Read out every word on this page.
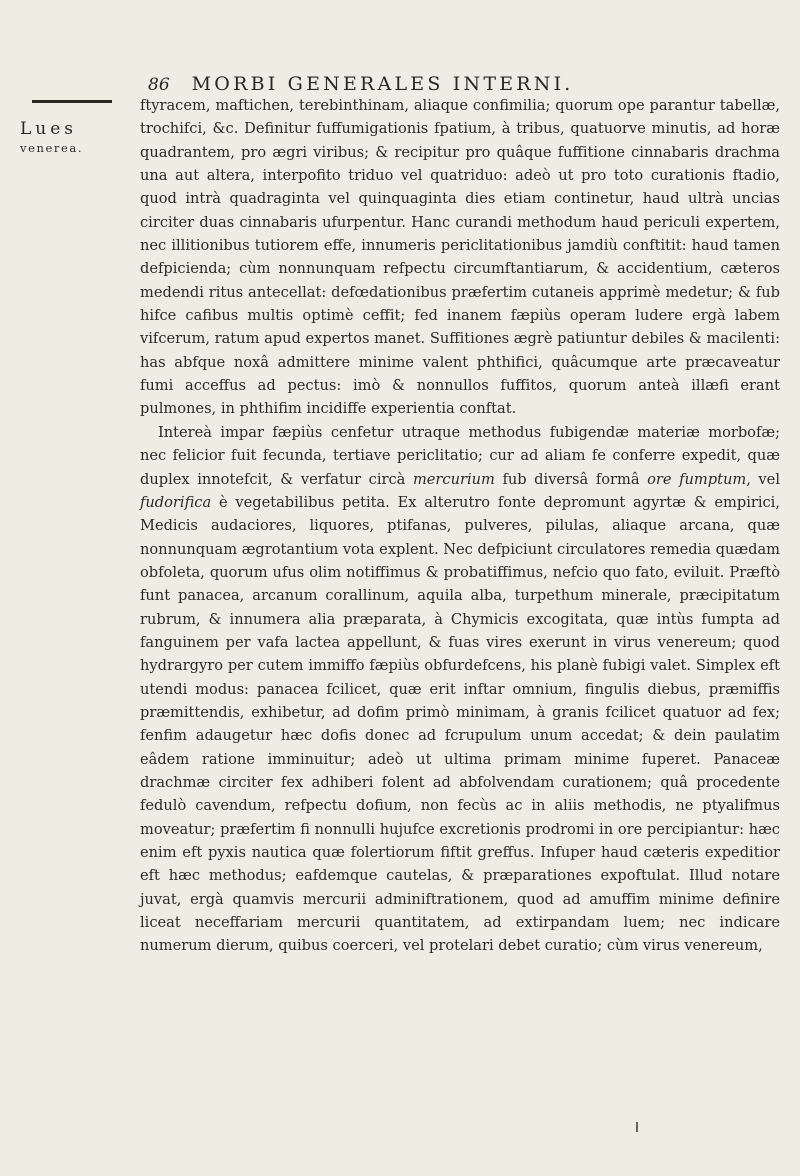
86 MORBI GENERALES INTERNI.
Lues
venerea.

ftyracem, maftichen, terebinthinam, aliaque confimilia; quorum ope parantur tabellæ, trochifci, &c. Definitur fuffumigationis fpatium, à tribus, quatuorve minutis, ad horæ quadrantem, pro ægri viribus; & recipitur pro quâque fuffitione cinnabaris drachma una aut altera, interpofito triduo vel quatriduo: adeò ut pro toto curationis ftadio, quod intrà quadraginta vel quinquaginta dies etiam continetur, haud ultrà uncias circiter duas cinnabaris ufurpentur. Hanc curandi methodum haud periculi expertem, nec illitionibus tutiorem effe, innumeris periclitationibus jamdiù conftitit: haud tamen defpicienda; cùm nonnunquam refpectu circumftantiarum, & accidentium, cæteros medendi ritus antecellat: defœdationibus præfertim cutaneis apprimè medetur; & fub hifce cafibus multis optimè ceffit; fed inanem fæpiùs operam ludere ergà labem vifcerum, ratum apud expertos manet. Suffitiones ægrè patiuntur debiles & macilenti: has abfque noxâ admittere minime valent phthifici, quâcumque arte præcaveatur fumi acceffus ad pectus: imò & nonnullos fuffitos, quorum anteà illæfi erant pulmones, in phthifim incidiffe experientia conftat.

Intereà impar fæpiùs cenfetur utraque methodus fubigendæ materiæ morbofæ; nec felicior fuit fecunda, tertiave periclitatio; cur ad aliam fe conferre expedit, quæ duplex innotefcit, & verfatur circà mercurium fub diversâ formâ ore fumptum, vel fudorifica è vegetabilibus petita. Ex alterutro fonte depromunt agyrtæ & empirici, Medicis audaciores, liquores, ptifanas, pulveres, pilulas, aliaque arcana, quæ nonnunquam ægrotantium vota explent. Nec defpiciunt circulatores remedia quædam obfoleta, quorum ufus olim notiffimus & probatiffimus, nefcio quo fato, eviluit. Præftò funt panacea, arcanum corallinum, aquila alba, turpethum minerale, præcipitatum rubrum, & innumera alia præparata, à Chymicis excogitata, quæ intùs fumpta ad fanguinem per vafa lactea appellunt, & fuas vires exerunt in virus venereum; quod hydrargyro per cutem immiffo fæpiùs obfurdefcens, his planè fubigi valet. Simplex eft utendi modus: panacea fcilicet, quæ erit inftar omnium, fingulis diebus, præmiffis præmittendis, exhibetur, ad dofim primò minimam, à granis fcilicet quatuor ad fex; fenfim adaugetur hæc dofis donec ad fcrupulum unum accedat; & dein paulatim eâdem ratione imminuitur; adeò ut ultima primam minime fuperet. Panaceæ drachmæ circiter fex adhiberi folent ad abfolvendam curationem; quâ procedente fedulò cavendum, refpectu dofium, non fecùs ac in aliis methodis, ne ptyalifmus moveatur; præfertim fi nonnulli hujufce excretionis prodromi in ore percipiantur: hæc enim eft pyxis nautica quæ folertiorum fiftit greffus. Infuper haud cæteris expeditior eft hæc methodus; eafdemque cautelas, & præparationes expoftulat. Illud notare juvat, ergà quamvis mercurii adminiftrationem, quod ad amuffim minime definire liceat neceffariam mercurii quantitatem, ad extirpandam luem; nec indicare numerum dierum, quibus coerceri, vel protelari debet curatio; cùm virus venereum,
